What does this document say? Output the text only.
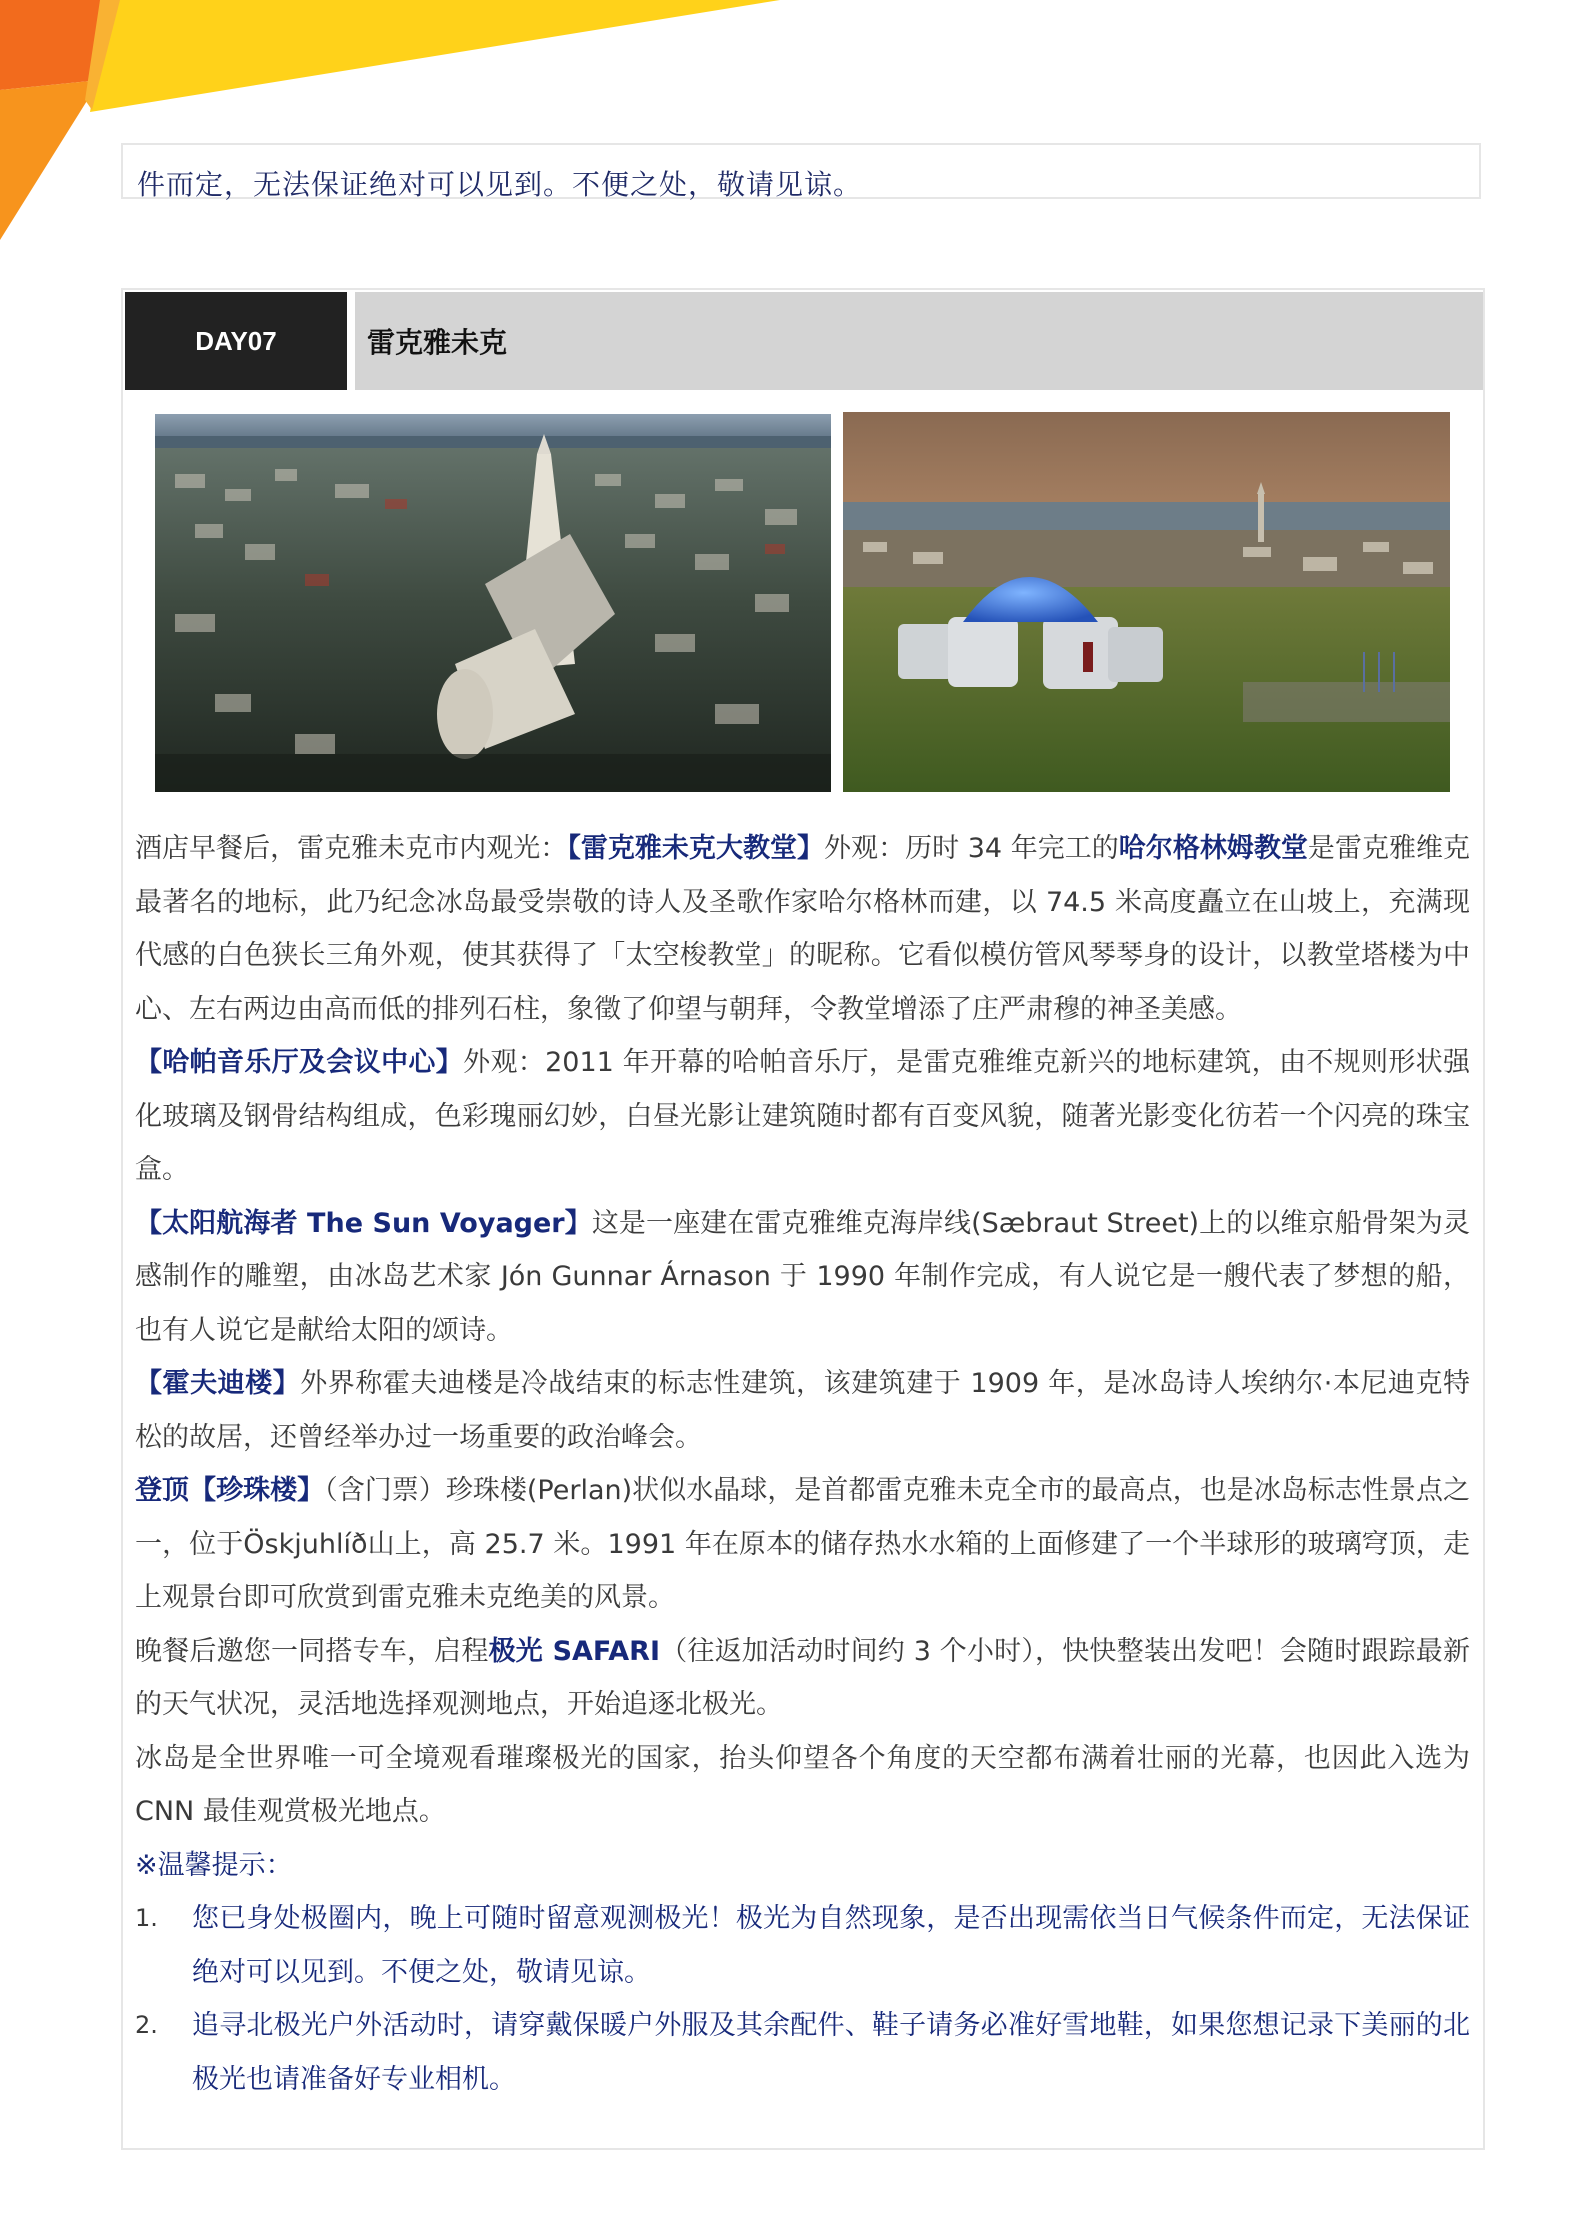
件而定，无法保证绝对可以见到。不便之处，敬请见谅。
DAY07	雷克雅未克

酒店早餐后，雷克雅未克市内观光：【雷克雅未克大教堂】外观：历时 34 年完工的哈尔格林姆教堂是雷克雅维克最著名的地标，此乃纪念冰岛最受崇敬的诗人及圣歌作家哈尔格林而建，以 74.5 米高度矗立在山坡上，充满现代感的白色狭长三角外观，使其获得了「太空梭教堂」的昵称。它看似模仿管风琴琴身的设计，以教堂塔楼为中心、左右两边由高而低的排列石柱，象徵了仰望与朝拜，令教堂增添了庄严肃穆的神圣美感。

【哈帕音乐厅及会议中心】外观：2011 年开幕的哈帕音乐厅，是雷克雅维克新兴的地标建筑，由不规则形状强化玻璃及钢骨结构组成，色彩瑰丽幻妙，白昼光影让建筑随时都有百变风貌，随著光影变化彷若一个闪亮的珠宝盒。

【太阳航海者 The Sun Voyager】这是一座建在雷克雅维克海岸线(Sæbraut Street)上的以维京船骨架为灵感制作的雕塑，由冰岛艺术家 Jón Gunnar Árnason 于 1990 年制作完成，有人说它是一艘代表了梦想的船，也有人说它是献给太阳的颂诗。

【霍夫迪楼】外界称霍夫迪楼是冷战结束的标志性建筑，该建筑建于 1909 年，是冰岛诗人埃纳尔·本尼迪克特松的故居，还曾经举办过一场重要的政治峰会。

登顶【珍珠楼】（含门票）珍珠楼(Perlan)状似水晶球，是首都雷克雅未克全市的最高点，也是冰岛标志性景点之一，位于Öskjuhlíð山上，高 25.7 米。1991 年在原本的储存热水水箱的上面修建了一个半球形的玻璃穹顶，走上观景台即可欣赏到雷克雅未克绝美的风景。

晚餐后邀您一同搭专车，启程极光 SAFARI（往返加活动时间约 3 个小时），快快整装出发吧！会随时跟踪最新的天气状况，灵活地选择观测地点，开始追逐北极光。

冰岛是全世界唯一可全境观看璀璨极光的国家，抬头仰望各个角度的天空都布满着壮丽的光幕，也因此入选为 CNN 最佳观赏极光地点。

※温馨提示：

1. 您已身处极圈内，晚上可随时留意观测极光！极光为自然现象，是否出现需依当日气候条件而定，无法保证绝对可以见到。不便之处，敬请见谅。
2. 追寻北极光户外活动时，请穿戴保暖户外服及其余配件、鞋子请务必准好雪地鞋，如果您想记录下美丽的北极光也请准备好专业相机。
